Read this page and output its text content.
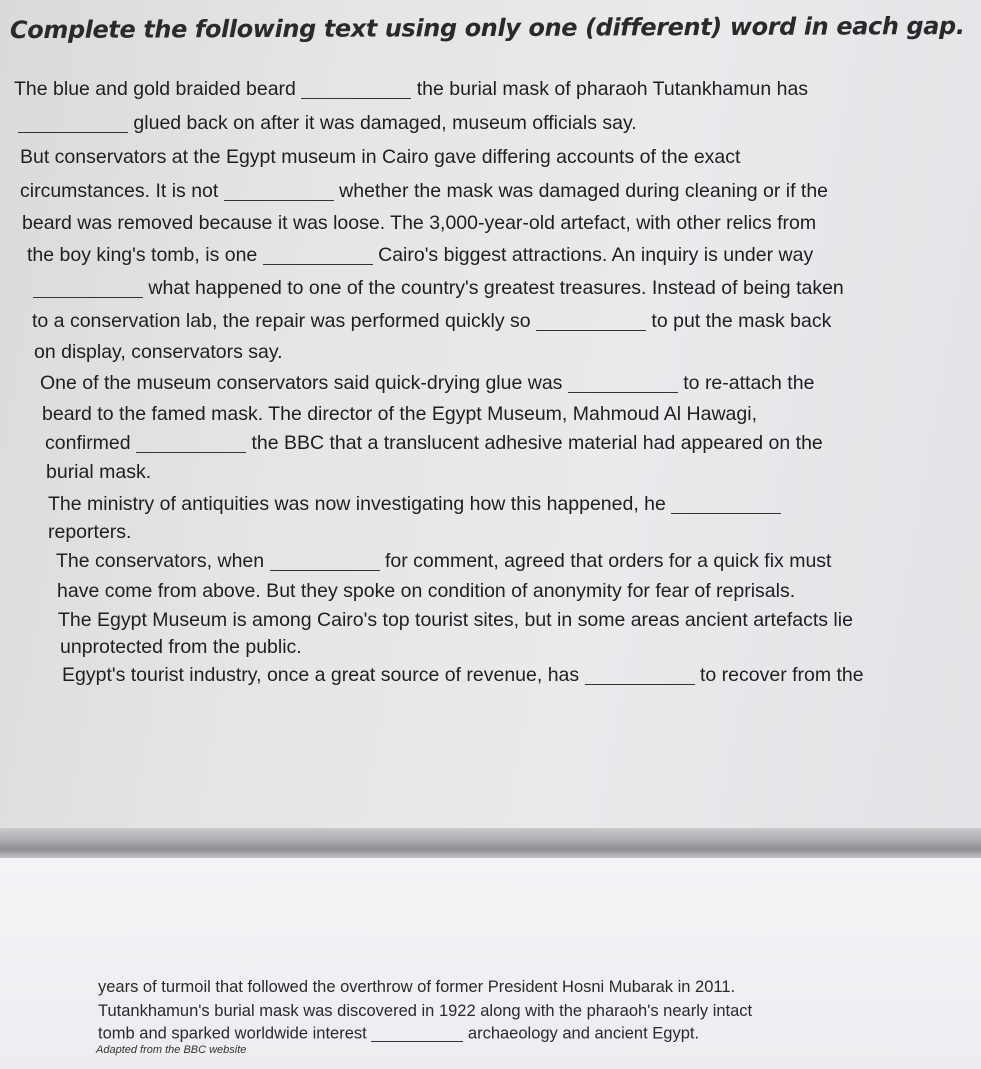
Complete the following text using only one (different) word in each gap.
The blue and gold braided beard	the burial mask of pharaoh Tutankhamun has
glued back on after it was damaged, museum officials say.
But conservators at the Egypt museum in Cairo gave differing accounts of the exact
circumstances. It is not	whether the mask was damaged during cleaning or if the
beard was removed because it was loose. The 3,000-year-old artefact, with other relics from
the boy king's tomb, is one	Cairo's biggest attractions. An inquiry is under way
what happened to one of the country's greatest treasures. Instead of being taken
to a conservation lab, the repair was performed quickly so	to put the mask back
on display, conservators say.
One of the museum conservators said quick-drying glue was	to re-attach the
beard to the famed mask. The director of the Egypt Museum, Mahmoud Al Hawagi,
confirmed	the BBC that a translucent adhesive material had appeared on the
burial mask.
The ministry of antiquities was now investigating how this happened, he
reporters.
The conservators, when	for comment, agreed that orders for a quick fix must
have come from above. But they spoke on condition of anonymity for fear of reprisals.
The Egypt Museum is among Cairo's top tourist sites, but in some areas ancient artefacts lie
unprotected from the public.
Egypt's tourist industry, once a great source of revenue, has	to recover from the
years of turmoil that followed the overthrow of former President Hosni Mubarak in 2011.
Tutankhamun's burial mask was discovered in 1922 along with the pharaoh's nearly intact
tomb and sparked worldwide interest	archaeology and ancient Egypt.
Adapted from the BBC website
